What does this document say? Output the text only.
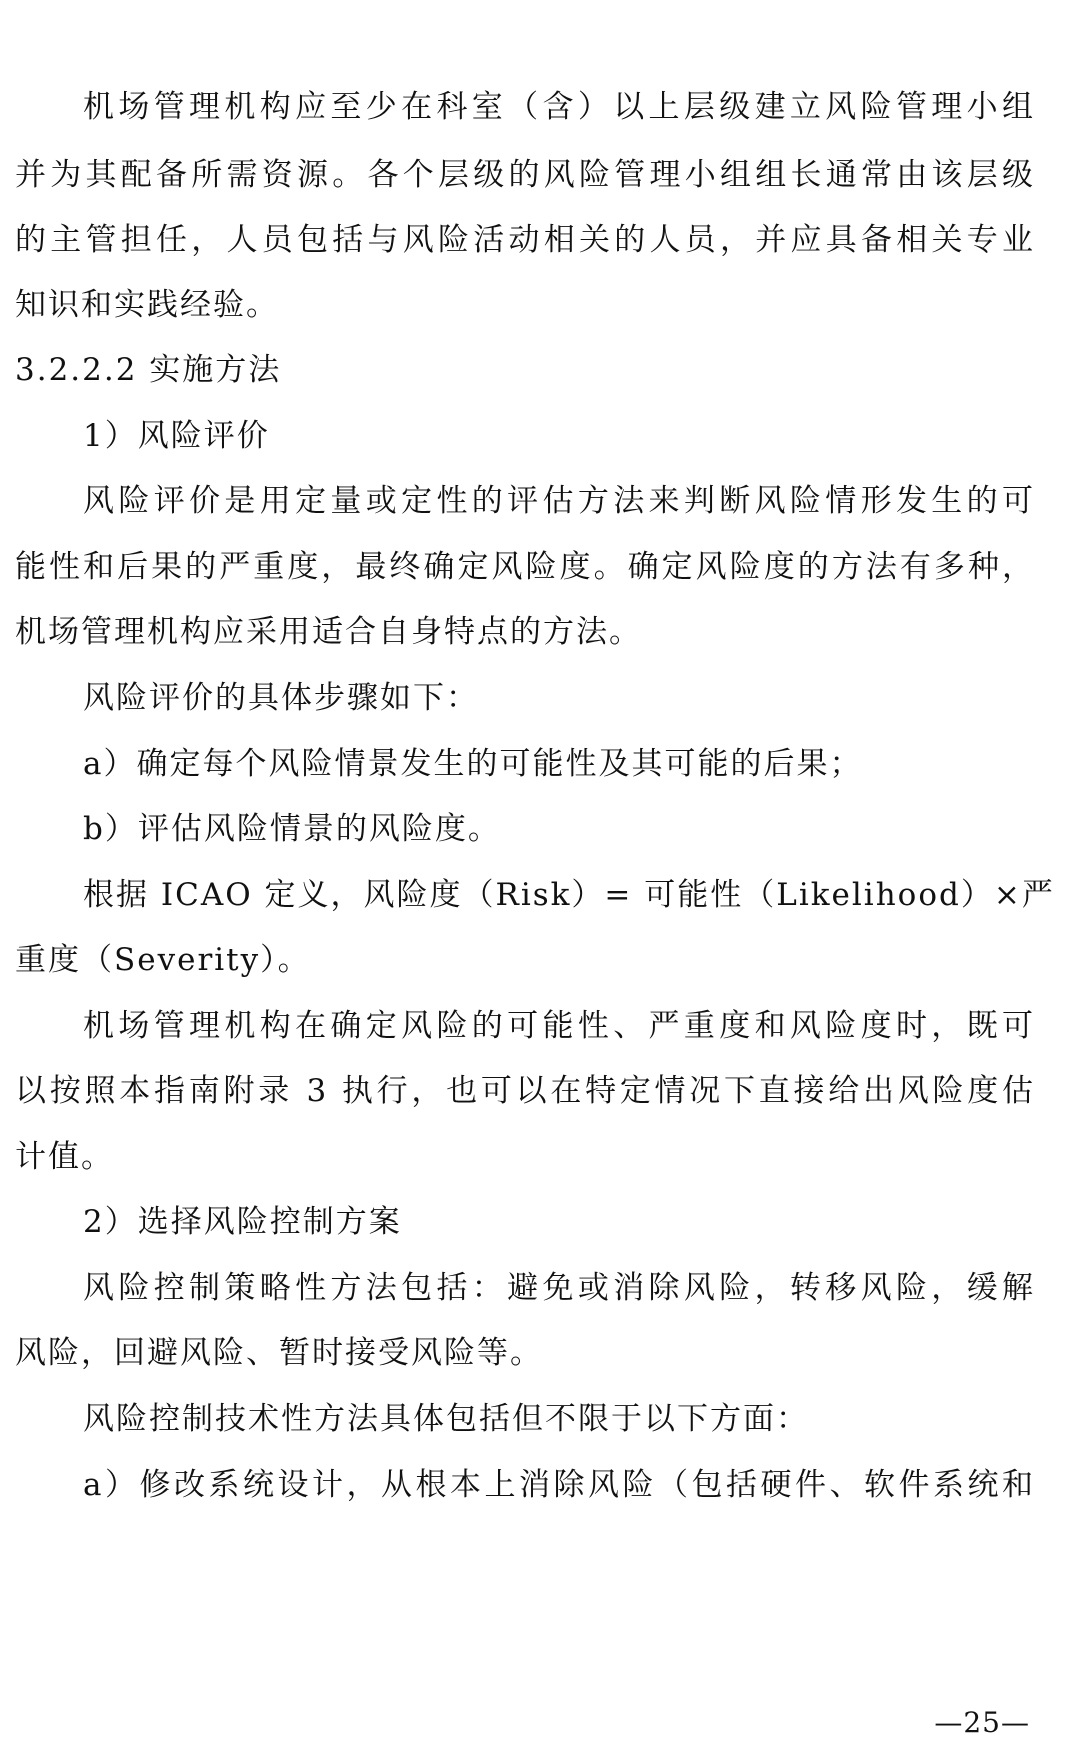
机场管理机构应至少在科室（含）以上层级建立风险管理小组
并为其配备所需资源。各个层级的风险管理小组组长通常由该层级
的主管担任，人员包括与风险活动相关的人员，并应具备相关专业
知识和实践经验。
3.2.2.2 实施方法
1）风险评价
风险评价是用定量或定性的评估方法来判断风险情形发生的可
能性和后果的严重度，最终确定风险度。确定风险度的方法有多种，
机场管理机构应采用适合自身特点的方法。
风险评价的具体步骤如下：
a）确定每个风险情景发生的可能性及其可能的后果；
b）评估风险情景的风险度。
根据 ICAO 定义，风险度（Risk）= 可能性（Likelihood）×严
重度（Severity）。
机场管理机构在确定风险的可能性、严重度和风险度时，既可
以按照本指南附录 3 执行，也可以在特定情况下直接给出风险度估
计值。
2）选择风险控制方案
风险控制策略性方法包括：避免或消除风险，转移风险，缓解
风险，回避风险、暂时接受风险等。
风险控制技术性方法具体包括但不限于以下方面：
a）修改系统设计，从根本上消除风险（包括硬件、软件系统和
—25—
